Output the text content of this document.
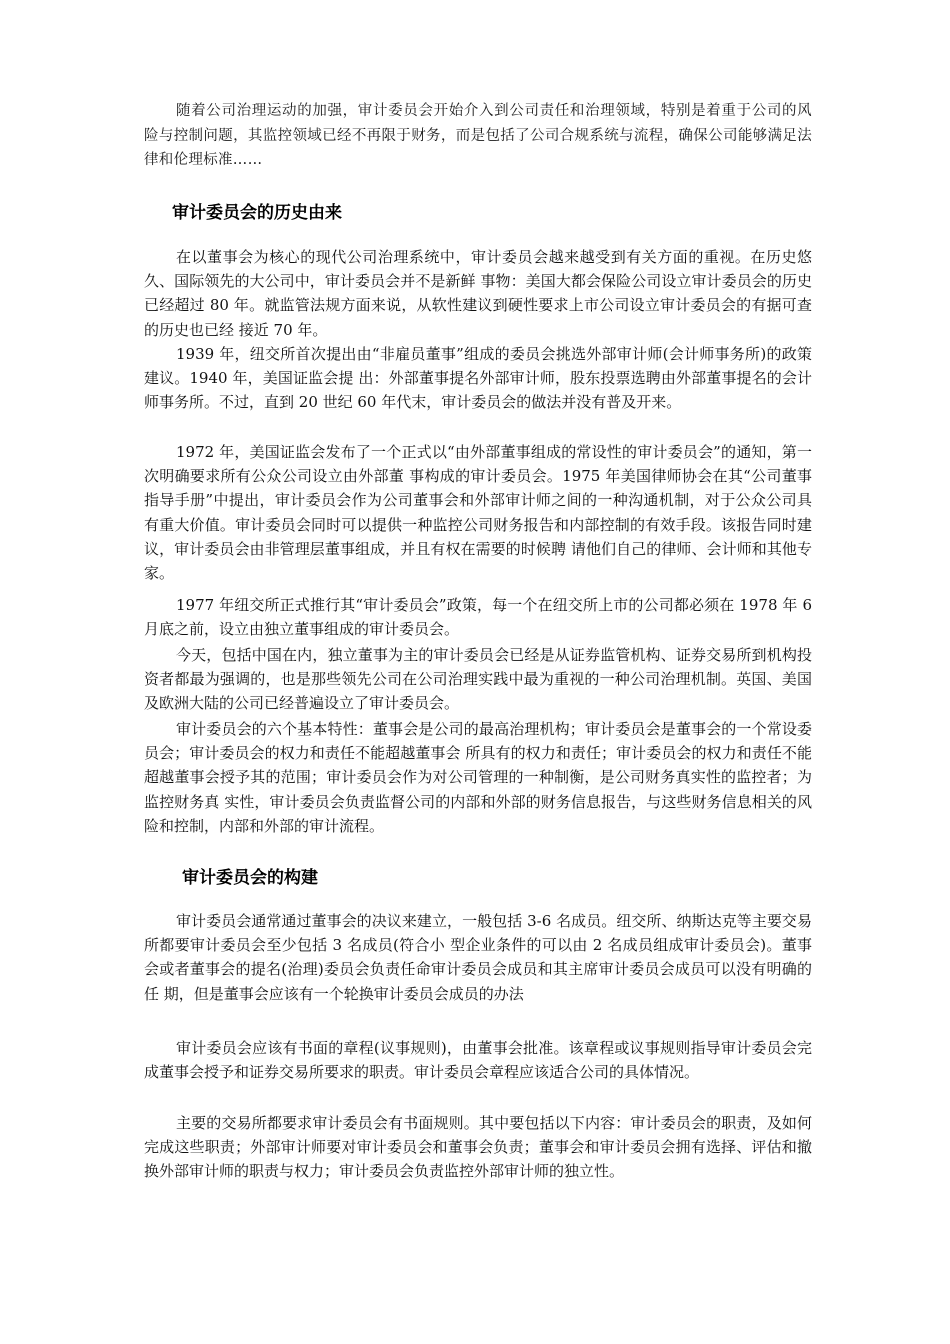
随着公司治理运动的加强，审计委员会开始介入到公司责任和治理领域，特别是着重于公司的风险与控制问题，其监控领域已经不再限于财务，而是包括了公司合规系统与流程，确保公司能够满足法律和伦理标准……

审计委员会的历史由来

在以董事会为核心的现代公司治理系统中，审计委员会越来越受到有关方面的重视。在历史悠久、国际领先的大公司中，审计委员会并不是新鲜 事物：美国大都会保险公司设立审计委员会的历史已经超过 80 年。就监管法规方面来说，从软性建议到硬性要求上市公司设立审计委员会的有据可查的历史也已经 接近 70 年。

1939 年，纽交所首次提出由“非雇员董事”组成的委员会挑选外部审计师(会计师事务所)的政策建议。1940 年，美国证监会提 出：外部董事提名外部审计师，股东投票选聘由外部董事提名的会计师事务所。不过，直到 20 世纪 60 年代末，审计委员会的做法并没有普及开来。

1972 年，美国证监会发布了一个正式以“由外部董事组成的常设性的审计委员会”的通知，第一次明确要求所有公众公司设立由外部董 事构成的审计委员会。1975 年美国律师协会在其“公司董事指导手册”中提出，审计委员会作为公司董事会和外部审计师之间的一种沟通机制，对于公众公司具 有重大价值。审计委员会同时可以提供一种监控公司财务报告和内部控制的有效手段。该报告同时建议，审计委员会由非管理层董事组成，并且有权在需要的时候聘 请他们自己的律师、会计师和其他专家。

1977 年纽交所正式推行其“审计委员会”政策，每一个在纽交所上市的公司都必须在 1978 年 6 月底之前，设立由独立董事组成的审计委员会。

今天，包括中国在内，独立董事为主的审计委员会已经是从证券监管机构、证券交易所到机构投资者都最为强调的，也是那些领先公司在公司治理实践中最为重视的一种公司治理机制。英国、美国及欧洲大陆的公司已经普遍设立了审计委员会。

审计委员会的六个基本特性：董事会是公司的最高治理机构；审计委员会是董事会的一个常设委员会；审计委员会的权力和责任不能超越董事会 所具有的权力和责任；审计委员会的权力和责任不能超越董事会授予其的范围；审计委员会作为对公司管理的一种制衡，是公司财务真实性的监控者；为监控财务真 实性，审计委员会负责监督公司的内部和外部的财务信息报告，与这些财务信息相关的风险和控制，内部和外部的审计流程。

审计委员会的构建

审计委员会通常通过董事会的决议来建立，一般包括 3-6 名成员。纽交所、纳斯达克等主要交易所都要审计委员会至少包括 3 名成员(符合小 型企业条件的可以由 2 名成员组成审计委员会)。董事会或者董事会的提名(治理)委员会负责任命审计委员会成员和其主席审计委员会成员可以没有明确的任 期，但是董事会应该有一个轮换审计委员会成员的办法

审计委员会应该有书面的章程(议事规则)，由董事会批准。该章程或议事规则指导审计委员会完成董事会授予和证券交易所要求的职责。审计委员会章程应该适合公司的具体情况。

主要的交易所都要求审计委员会有书面规则。其中要包括以下内容：审计委员会的职责，及如何完成这些职责；外部审计师要对审计委员会和董事会负责；董事会和审计委员会拥有选择、评估和撤换外部审计师的职责与权力；审计委员会负责监控外部审计师的独立性。
